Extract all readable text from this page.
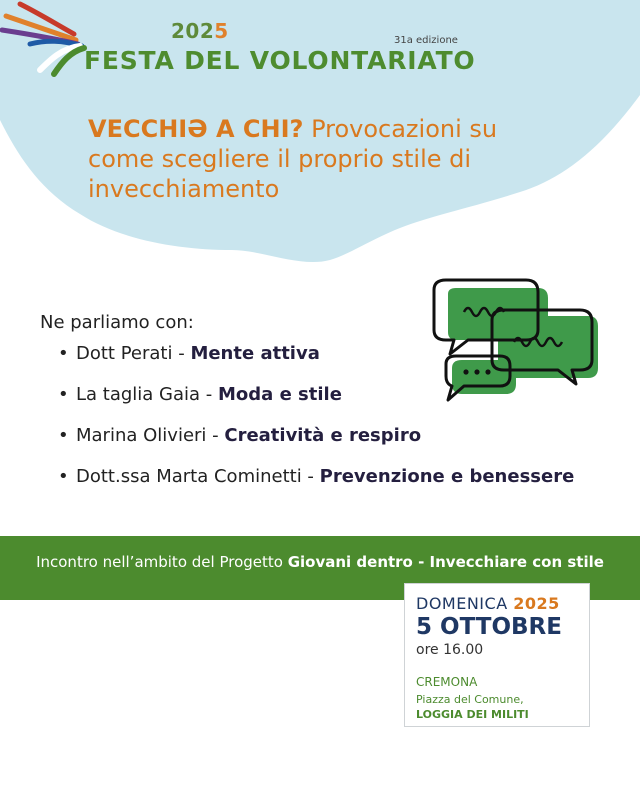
2025	31a edizione
FESTA DEL VOLONTARIATO
VECCHIƏ A CHI? Provocazioni su come scegliere il proprio stile di invecchiamento
Ne parliamo con:
• Dott Perati - Mente attiva
• La taglia Gaia - Moda e stile
• Marina Olivieri - Creatività e respiro
• Dott.ssa Marta Cominetti - Prevenzione e benessere
Incontro nell’ambito del Progetto Giovani dentro - Invecchiare con stile
DOMENICA 2025
5 OTTOBRE
ore 16.00
CREMONA
Piazza del Comune,
LOGGIA DEI MILITI
